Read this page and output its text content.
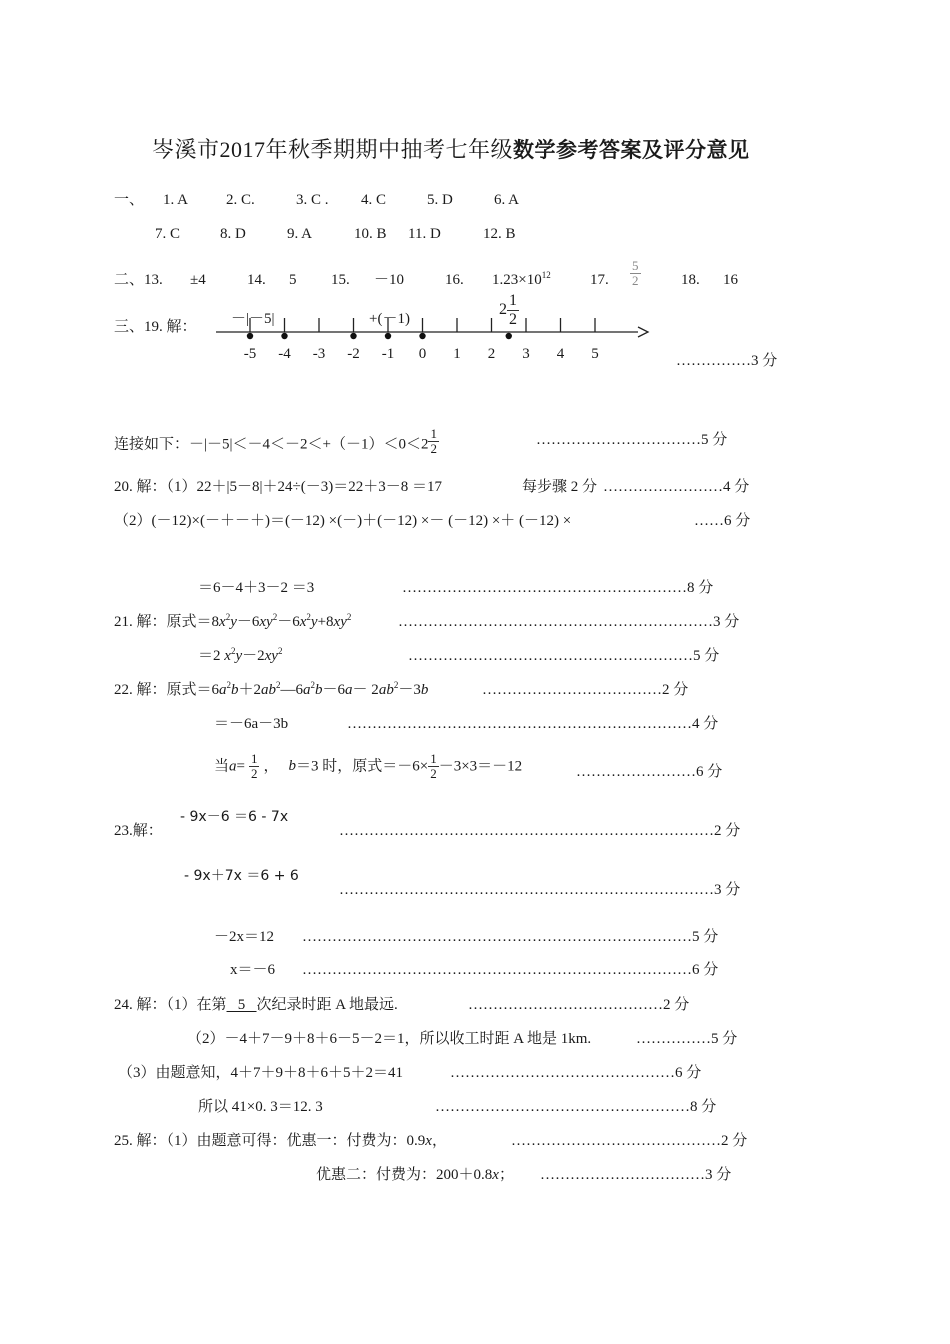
岑溪市2017年秋季期期中抽考七年级数学参考答案及评分意见
一、 1. A	2. C.	3. C . 4. C	5. D	6. A
7. C	8. D	9. A	10. B 11. D	12. B
二、13. ±4	14. 5 15. －10	16. $1.23\times 10^{12}$	17. $\frac{5}{2}$	18. 16
三、19. 解： －|－5|	+(－1)
$2 \frac{1}{2}$
-5 -4 -3 -2 -1 0 1 2 3 4 5	……………3 分
连接如下：$-|-5|<-4<-2<+(-1)<0<2 \frac{1}{2}$	……………………………5 分
20. 解：（1）22＋|5－8|＋24÷(－3)＝22＋3－8 ＝17	每步骤 2 分 ……………………4 分
（2）(－12)×(－＋－＋)＝(－12) ×(－)＋(－12) ×－ (－12) ×＋ (－12) ×	……6 分
＝6－4＋3－2 ＝3	…………………………………………………8 分
21. 解：原式$=8x^2y-6xy^2-6x^2y+8xy^2$	………………………………………………………3 分
＝2 $x^2y-2xy^2$	…………………………………………………5 分
22. 解：原式$=6a^2b+2ab^2—6a^2b-6a- 2ab^2-3b$	………………………………2 分
＝－6a－3b	……………………………………………………………4 分
当$a= \frac{1}{2}$ ， b＝3 时，原式$=-6\times \frac{1}{2} -3\times 3=-12$	……………………6 分
23.解：
- 9x－6 ＝6 - 7x
…………………………………………………………………2 分
- 9x＋7x ＝6 + 6
…………………………………………………………………3 分
－2x＝12 ……………………………………………………………………5 分
x＝－6 ……………………………………………………………………6 分
24. 解：（1）在第   5   次纪录时距 A 地最远.	…………………………………2 分
（2）－4＋7－9＋8＋6－5－2＝1，所以收工时距 A 地是 1km.	……………5 分
（3）由题意知，4＋7＋9＋8＋6＋5＋2＝41	………………………………………6 分
所以 41×0. 3＝12. 3	……………………………………………8 分
25. 解：（1）由题意可得：优惠一：付费为：0.9x，	……………………………………2 分
优惠二：付费为：200＋0.8x； ……………………………3 分
